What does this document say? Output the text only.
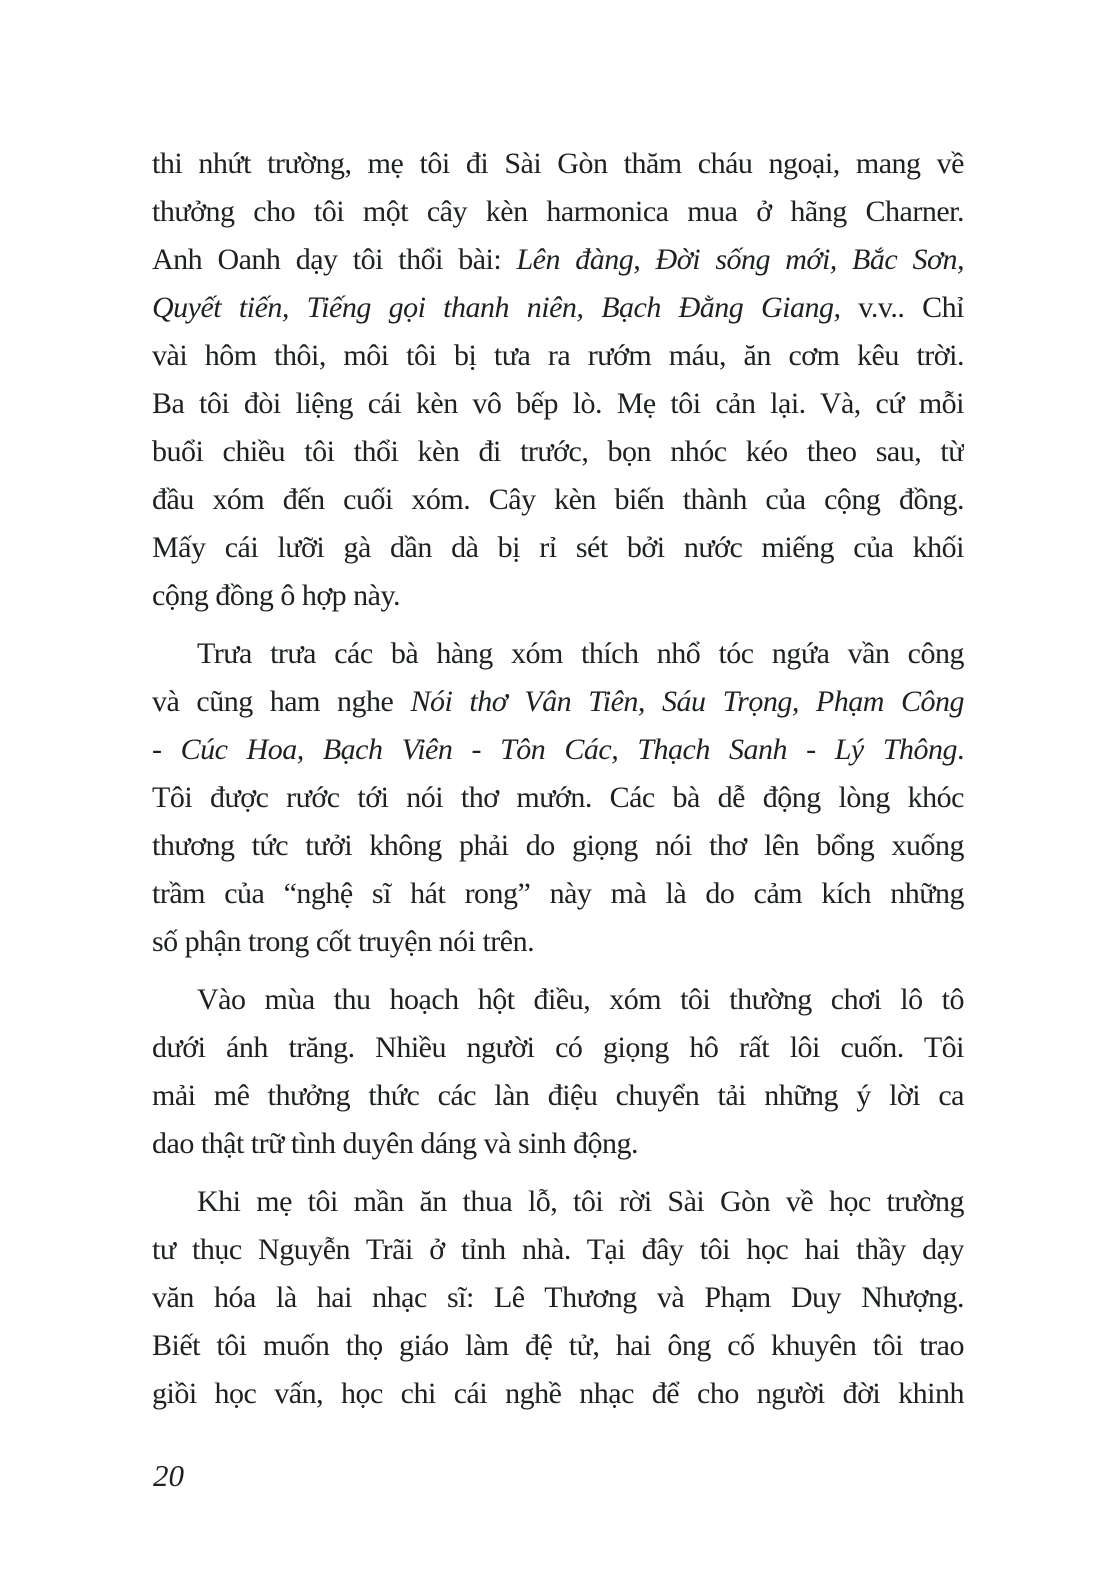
thi nhứt trường, mẹ tôi đi Sài Gòn thăm cháu ngoại, mang về
thưởng cho tôi một cây kèn harmonica mua ở hãng Charner.
Anh Oanh dạy tôi thổi bài: Lên đàng, Đời sống mới, Bắc Sơn,
Quyết tiến, Tiếng gọi thanh niên, Bạch Đằng Giang, v.v.. Chỉ
vài hôm thôi, môi tôi bị tưa ra rướm máu, ăn cơm kêu trời.
Ba tôi đòi liệng cái kèn vô bếp lò. Mẹ tôi cản lại. Và, cứ mỗi
buổi chiều tôi thổi kèn đi trước, bọn nhóc kéo theo sau, từ
đầu xóm đến cuối xóm. Cây kèn biến thành của cộng đồng.
Mấy cái lưỡi gà dần dà bị rỉ sét bởi nước miếng của khối
cộng đồng ô hợp này.
Trưa trưa các bà hàng xóm thích nhổ tóc ngứa vần công
và cũng ham nghe Nói thơ Vân Tiên, Sáu Trọng, Phạm Công
- Cúc Hoa, Bạch Viên - Tôn Các, Thạch Sanh - Lý Thông.
Tôi được rước tới nói thơ mướn. Các bà dễ động lòng khóc
thương tức tưởi không phải do giọng nói thơ lên bổng xuống
trầm của “nghệ sĩ hát rong” này mà là do cảm kích những
số phận trong cốt truyện nói trên.
Vào mùa thu hoạch hột điều, xóm tôi thường chơi lô tô
dưới ánh trăng. Nhiều người có giọng hô rất lôi cuốn. Tôi
mải mê thưởng thức các làn điệu chuyển tải những ý lời ca
dao thật trữ tình duyên dáng và sinh động.
Khi mẹ tôi mần ăn thua lỗ, tôi rời Sài Gòn về học trường
tư thục Nguyễn Trãi ở tỉnh nhà. Tại đây tôi học hai thầy dạy
văn hóa là hai nhạc sĩ: Lê Thương và Phạm Duy Nhượng.
Biết tôi muốn thọ giáo làm đệ tử, hai ông cố khuyên tôi trao
giồi học vấn, học chi cái nghề nhạc để cho người đời khinh
20
